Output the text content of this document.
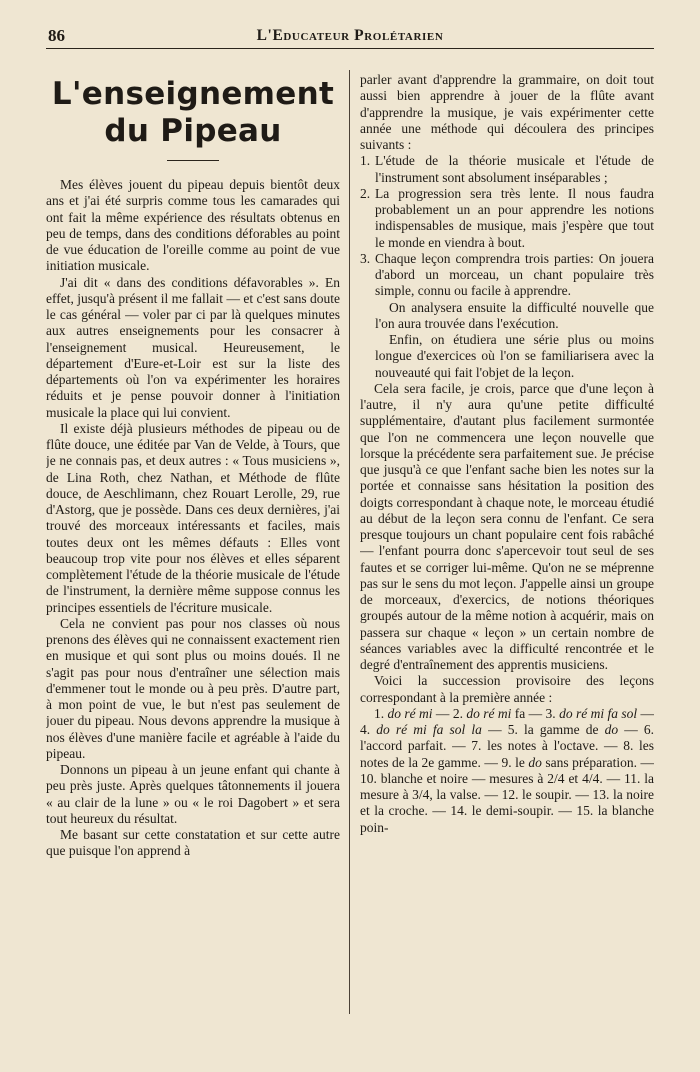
86	L'Educateur Prolétarien
L'enseignement
du Pipeau

Mes élèves jouent du pipeau depuis bientôt deux ans et j'ai été surpris comme tous les camarades qui ont fait la même expérience des résultats obtenus en peu de temps, dans des conditions déforables au point de vue éducation de l'oreille comme au point de vue initiation musicale.

J'ai dit « dans des conditions défavorables ». En effet, jusqu'à présent il me fallait — et c'est sans doute le cas général — voler par ci par là quelques minutes aux autres enseignements pour les consacrer à l'enseignement musical. Heureusement, le département d'Eure-et-Loir est sur la liste des départements où l'on va expérimenter les horaires réduits et je pense pouvoir donner à l'initiation musicale la place qui lui convient.

Il existe déjà plusieurs méthodes de pipeau ou de flûte douce, une éditée par Van de Velde, à Tours, que je ne connais pas, et deux autres : « Tous musiciens », de Lina Roth, chez Nathan, et Méthode de flûte douce, de Aeschlimann, chez Rouart Lerolle, 29, rue d'Astorg, que je possède. Dans ces deux dernières, j'ai trouvé des morceaux intéressants et faciles, mais toutes deux ont les mêmes défauts : Elles vont beaucoup trop vite pour nos élèves et elles séparent complètement l'étude de la théorie musicale de l'étude de l'instrument, la dernière même suppose connus les principes essentiels de l'écriture musicale.

Cela ne convient pas pour nos classes où nous prenons des élèves qui ne connaissent exactement rien en musique et qui sont plus ou moins doués. Il ne s'agit pas pour nous d'entraîner une sélection mais d'emmener tout le monde ou à peu près. D'autre part, à mon point de vue, le but n'est pas seulement de jouer du pipeau. Nous devons apprendre la musique à nos élèves d'une manière facile et agréable à l'aide du pipeau.

Donnons un pipeau à un jeune enfant qui chante à peu près juste. Après quelques tâtonnements il jouera « au clair de la lune » ou « le roi Dagobert » et sera tout heureux du résultat.

Me basant sur cette constatation et sur cette autre que puisque l'on apprend à

parler avant d'apprendre la grammaire, on doit tout aussi bien apprendre à jouer de la flûte avant d'apprendre la musique, je vais expérimenter cette année une méthode qui découlera des principes suivants :

1. L'étude de la théorie musicale et l'étude de l'instrument sont absolument inséparables ;

2. La progression sera très lente. Il nous faudra probablement un an pour apprendre les notions indispensables de musique, mais j'espère que tout le monde en viendra à bout.

3. Chaque leçon comprendra trois parties: On jouera d'abord un morceau, un chant populaire très simple, connu ou facile à apprendre.

On analysera ensuite la difficulté nouvelle que l'on aura trouvée dans l'exécution.

Enfin, on étudiera une série plus ou moins longue d'exercices où l'on se familiarisera avec la nouveauté qui fait l'objet de la leçon.

Cela sera facile, je crois, parce que d'une leçon à l'autre, il n'y aura qu'une petite difficulté supplémentaire, d'autant plus facilement surmontée que l'on ne commencera une leçon nouvelle que lorsque la précédente sera parfaitement sue. Je précise que jusqu'à ce que l'enfant sache bien les notes sur la portée et connaisse sans hésitation la position des doigts correspondant à chaque note, le morceau étudié au début de la leçon sera connu de l'enfant. Ce sera presque toujours un chant populaire cent fois rabâché — l'enfant pourra donc s'apercevoir tout seul de ses fautes et se corriger lui-même. Qu'on ne se méprenne pas sur le sens du mot leçon. J'appelle ainsi un groupe de morceaux, d'exercics, de notions théoriques groupés autour de la même notion à acquérir, mais on passera sur chaque « leçon » un certain nombre de séances variables avec la difficulté rencontrée et le degré d'entraînement des apprentis musiciens.

Voici la succession provisoire des leçons correspondant à la première année :

1. do ré mi — 2. do ré mi fa — 3. do ré mi fa sol — 4. do ré mi fa sol la — 5. la gamme de do — 6. l'accord parfait. — 7. les notes à l'octave. — 8. les notes de la 2e gamme. — 9. le do sans préparation. — 10. blanche et noire — mesures à 2/4 et 4/4. — 11. la mesure à 3/4, la valse. — 12. le soupir. — 13. la noire et la croche. — 14. le demi-soupir. — 15. la blanche poin-
